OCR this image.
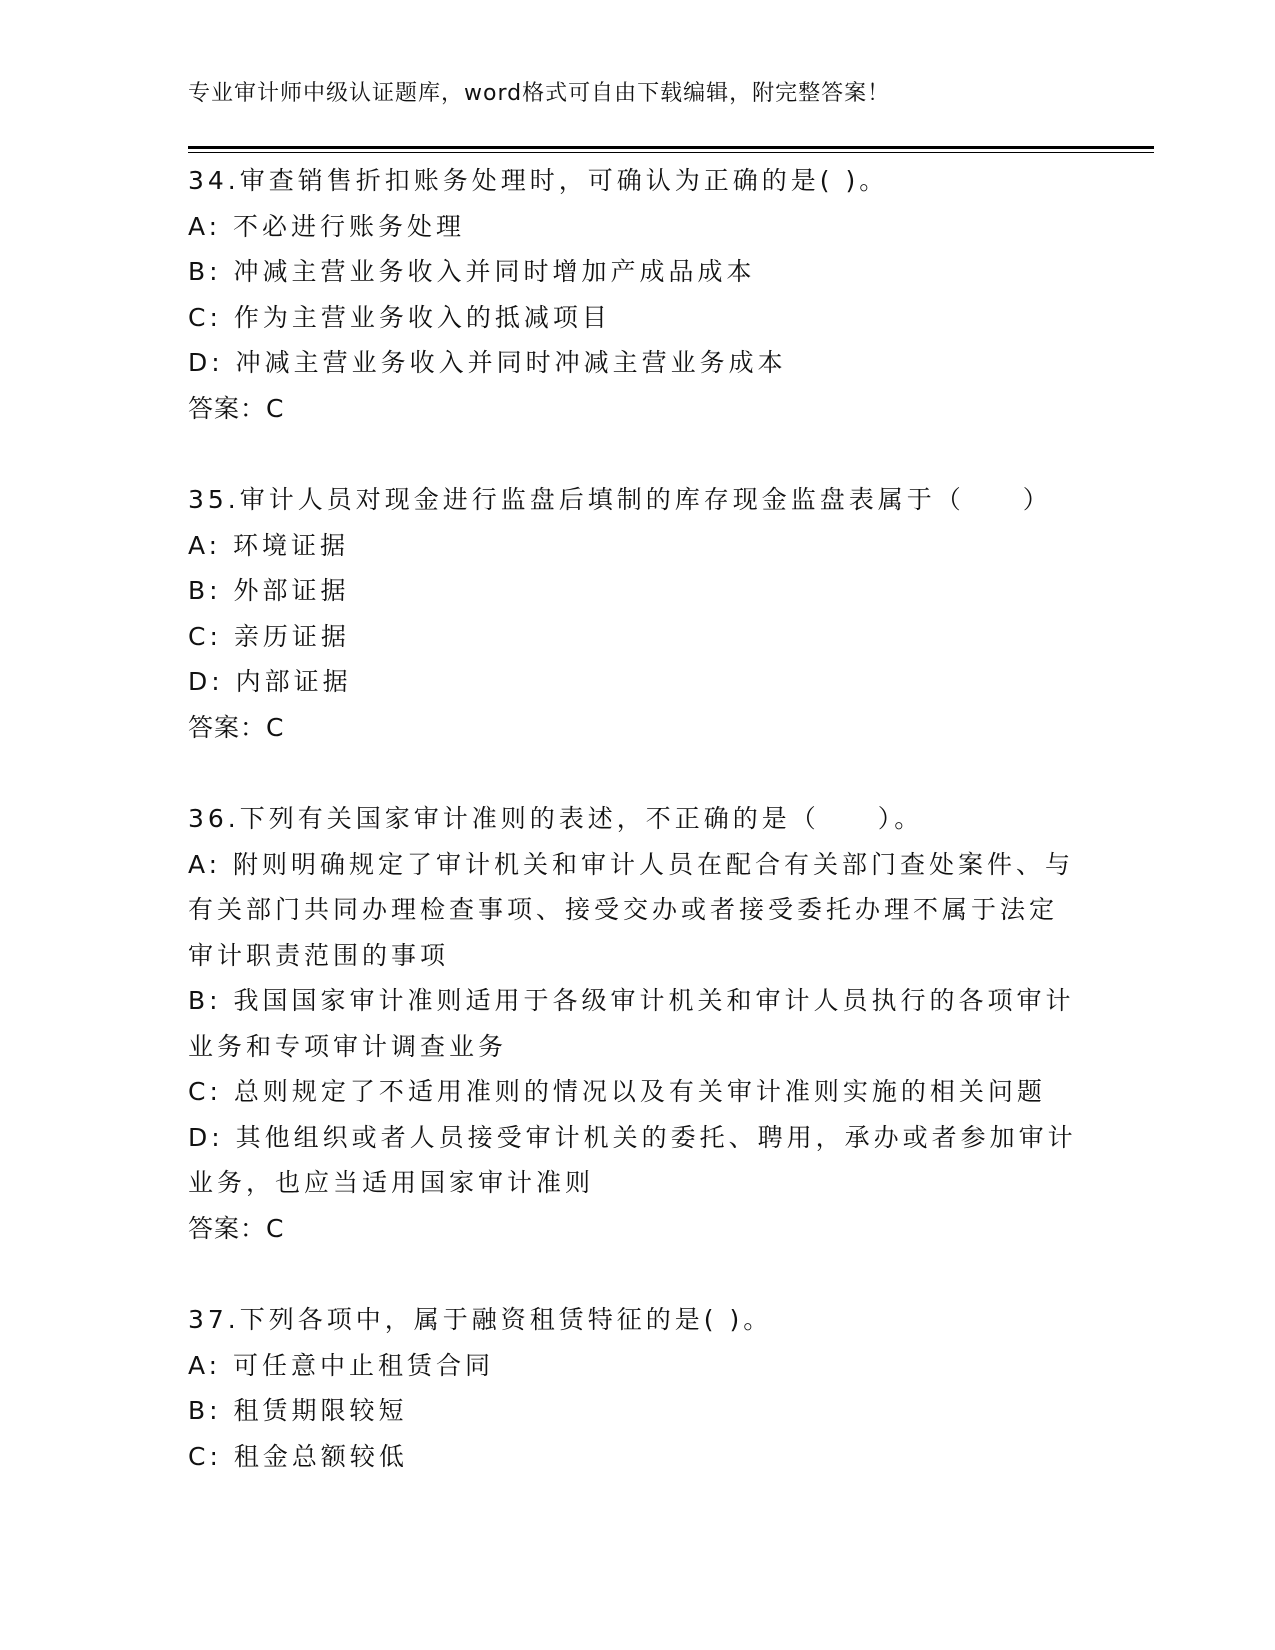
专业审计师中级认证题库，word格式可自由下载编辑，附完整答案！
34.审查销售折扣账务处理时，可确认为正确的是( )。
A: 不必进行账务处理
B: 冲减主营业务收入并同时增加产成品成本
C: 作为主营业务收入的抵减项目
D: 冲减主营业务收入并同时冲减主营业务成本
答案：C
35.审计人员对现金进行监盘后填制的库存现金监盘表属于（　　）
A: 环境证据
B: 外部证据
C: 亲历证据
D: 内部证据
答案：C
36.下列有关国家审计准则的表述，不正确的是（　　）。
A: 附则明确规定了审计机关和审计人员在配合有关部门查处案件、与
有关部门共同办理检查事项、接受交办或者接受委托办理不属于法定
审计职责范围的事项
B: 我国国家审计准则适用于各级审计机关和审计人员执行的各项审计
业务和专项审计调查业务
C: 总则规定了不适用准则的情况以及有关审计准则实施的相关问题
D: 其他组织或者人员接受审计机关的委托、聘用，承办或者参加审计
业务，也应当适用国家审计准则
答案：C
37.下列各项中，属于融资租赁特征的是( )。
A: 可任意中止租赁合同
B: 租赁期限较短
C: 租金总额较低
